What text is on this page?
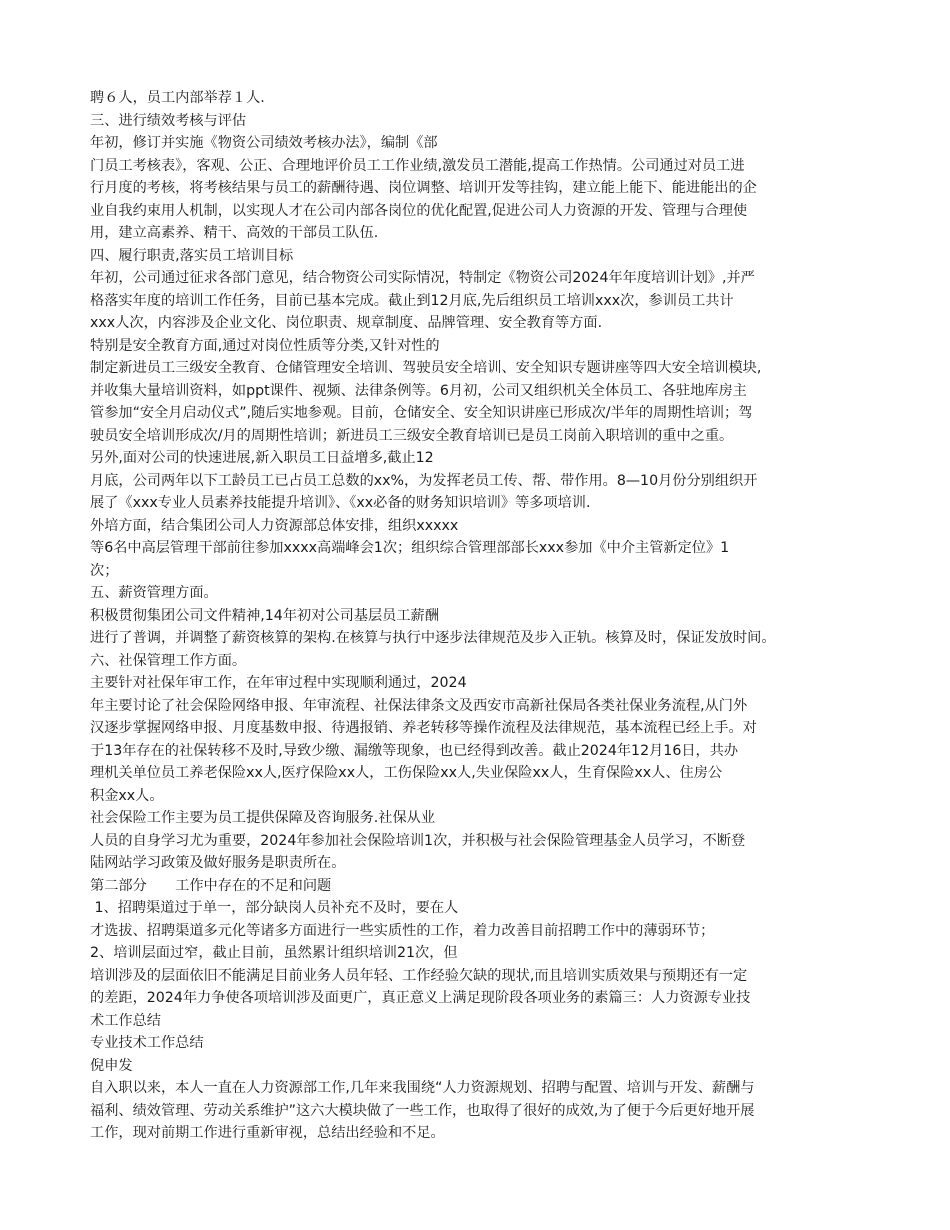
聘６人，员工内部举荐１人.
三、进行绩效考核与评估
年初，修订并实施《物资公司绩效考核办法》，编制《部
门员工考核表》，客观、公正、合理地评价员工工作业绩,激发员工潜能,提高工作热情。公司通过对员工进
行月度的考核，将考核结果与员工的薪酬待遇、岗位调整、培训开发等挂钩，建立能上能下、能进能出的企
业自我约束用人机制，以实现人才在公司内部各岗位的优化配置,促进公司人力资源的开发、管理与合理使
用，建立高素养、精干、高效的干部员工队伍.
四、履行职责,落实员工培训目标
年初，公司通过征求各部门意见，结合物资公司实际情况，特制定《物资公司2024年年度培训计划》,并严
格落实年度的培训工作任务，目前已基本完成。截止到12月底,先后组织员工培训xxx次，参训员工共计
xxx人次，内容涉及企业文化、岗位职责、规章制度、品牌管理、安全教育等方面.
特别是安全教育方面,通过对岗位性质等分类,又针对性的
制定新进员工三级安全教育、仓储管理安全培训、驾驶员安全培训、安全知识专题讲座等四大安全培训模块,
并收集大量培训资料，如ppt课件、视频、法律条例等。6月初，公司又组织机关全体员工、各驻地库房主
管参加“安全月启动仪式”,随后实地参观。目前，仓储安全、安全知识讲座已形成次/半年的周期性培训；驾
驶员安全培训形成次/月的周期性培训；新进员工三级安全教育培训已是员工岗前入职培训的重中之重。
另外,面对公司的快速进展,新入职员工日益增多,截止12
月底，公司两年以下工龄员工已占员工总数的xx%，为发挥老员工传、帮、带作用。8—10月份分别组织开
展了《xxx专业人员素养技能提升培训》、《xx必备的财务知识培训》等多项培训.
外培方面，结合集团公司人力资源部总体安排，组织xxxxx
等6名中高层管理干部前往参加xxxx高端峰会1次；组织综合管理部部长xxx参加《中介主管新定位》1
次；
五、薪资管理方面。
积极贯彻集团公司文件精神,14年初对公司基层员工薪酬
进行了普调，并调整了薪资核算的架构.在核算与执行中逐步法律规范及步入正轨。核算及时，保证发放时间。
六、社保管理工作方面。
主要针对社保年审工作，在年审过程中实现顺利通过，2024
年主要讨论了社会保险网络申报、年审流程、社保法律条文及西安市高新社保局各类社保业务流程,从门外
汉逐步掌握网络申报、月度基数申报、待遇报销、养老转移等操作流程及法律规范，基本流程已经上手。对
于13年存在的社保转移不及时,导致少缴、漏缴等现象，也已经得到改善。截止2024年12月16日，共办
理机关单位员工养老保险xx人,医疗保险xx人，工伤保险xx人,失业保险xx人，生育保险xx人、住房公
积金xx人。
社会保险工作主要为员工提供保障及咨询服务.社保从业
人员的自身学习尤为重要，2024年参加社会保险培训1次，并积极与社会保险管理基金人员学习，不断登
陆网站学习政策及做好服务是职责所在。
第二部分　　工作中存在的不足和问题
1、招聘渠道过于单一，部分缺岗人员补充不及时，要在人
才选拔、招聘渠道多元化等诸多方面进行一些实质性的工作，着力改善目前招聘工作中的薄弱环节；
2、培训层面过窄，截止目前，虽然累计组织培训21次，但
培训涉及的层面依旧不能满足目前业务人员年轻、工作经验欠缺的现状,而且培训实质效果与预期还有一定
的差距，2024年力争使各项培训涉及面更广，真正意义上满足现阶段各项业务的素篇三：人力资源专业技
术工作总结
专业技术工作总结
倪申发
自入职以来，本人一直在人力资源部工作,几年来我围绕“人力资源规划、招聘与配置、培训与开发、薪酬与
福利、绩效管理、劳动关系维护”这六大模块做了一些工作，也取得了很好的成效,为了便于今后更好地开展
工作，现对前期工作进行重新审视，总结出经验和不足。
